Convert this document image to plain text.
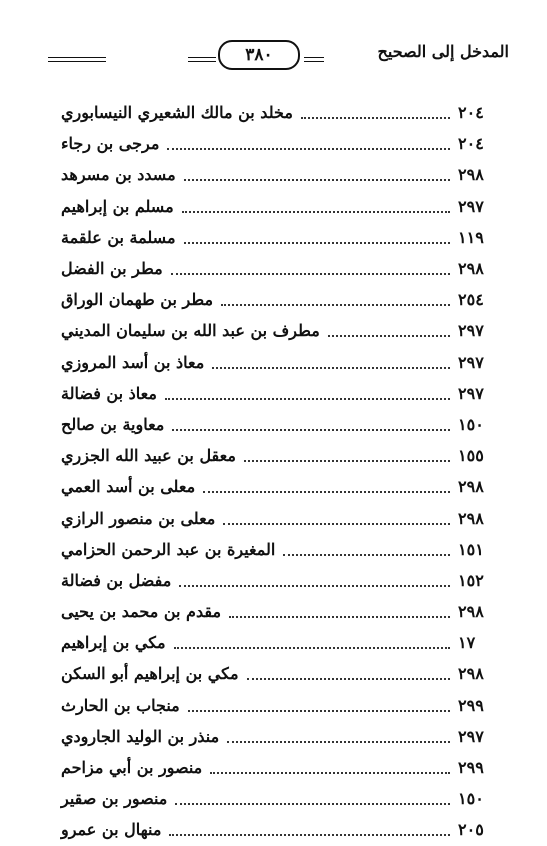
٣٨٠	المدخل إلى الصحيح
مخلد بن مالك الشعيري النيسابوري	٢٠٤
مرجى بن رجاء	٢٠٤
مسدد بن مسرهد	٢٩٨
مسلم بن إبراهيم	٢٩٧
مسلمة بن علقمة	١١٩
مطر بن الفضل	٢٩٨
مطر بن طهمان الوراق	٢٥٤
مطرف بن عبد الله بن سليمان المديني	٢٩٧
معاذ بن أسد المروزي	٢٩٧
معاذ بن فضالة	٢٩٧
معاوية بن صالح	١٥٠
معقل بن عبيد الله الجزري	١٥٥
معلى بن أسد العمي	٢٩٨
معلى بن منصور الرازي	٢٩٨
المغيرة بن عبد الرحمن الحزامي	١٥١
مفضل بن فضالة	١٥٢
مقدم بن محمد بن يحيى	٢٩٨
مكي بن إبراهيم	١٧
مكي بن إبراهيم أبو السكن	٢٩٨
منجاب بن الحارث	٢٩٩
منذر بن الوليد الجارودي	٢٩٧
منصور بن أبي مزاحم	٢٩٩
منصور بن صقير	١٥٠
منهال بن عمرو	٢٠٥
